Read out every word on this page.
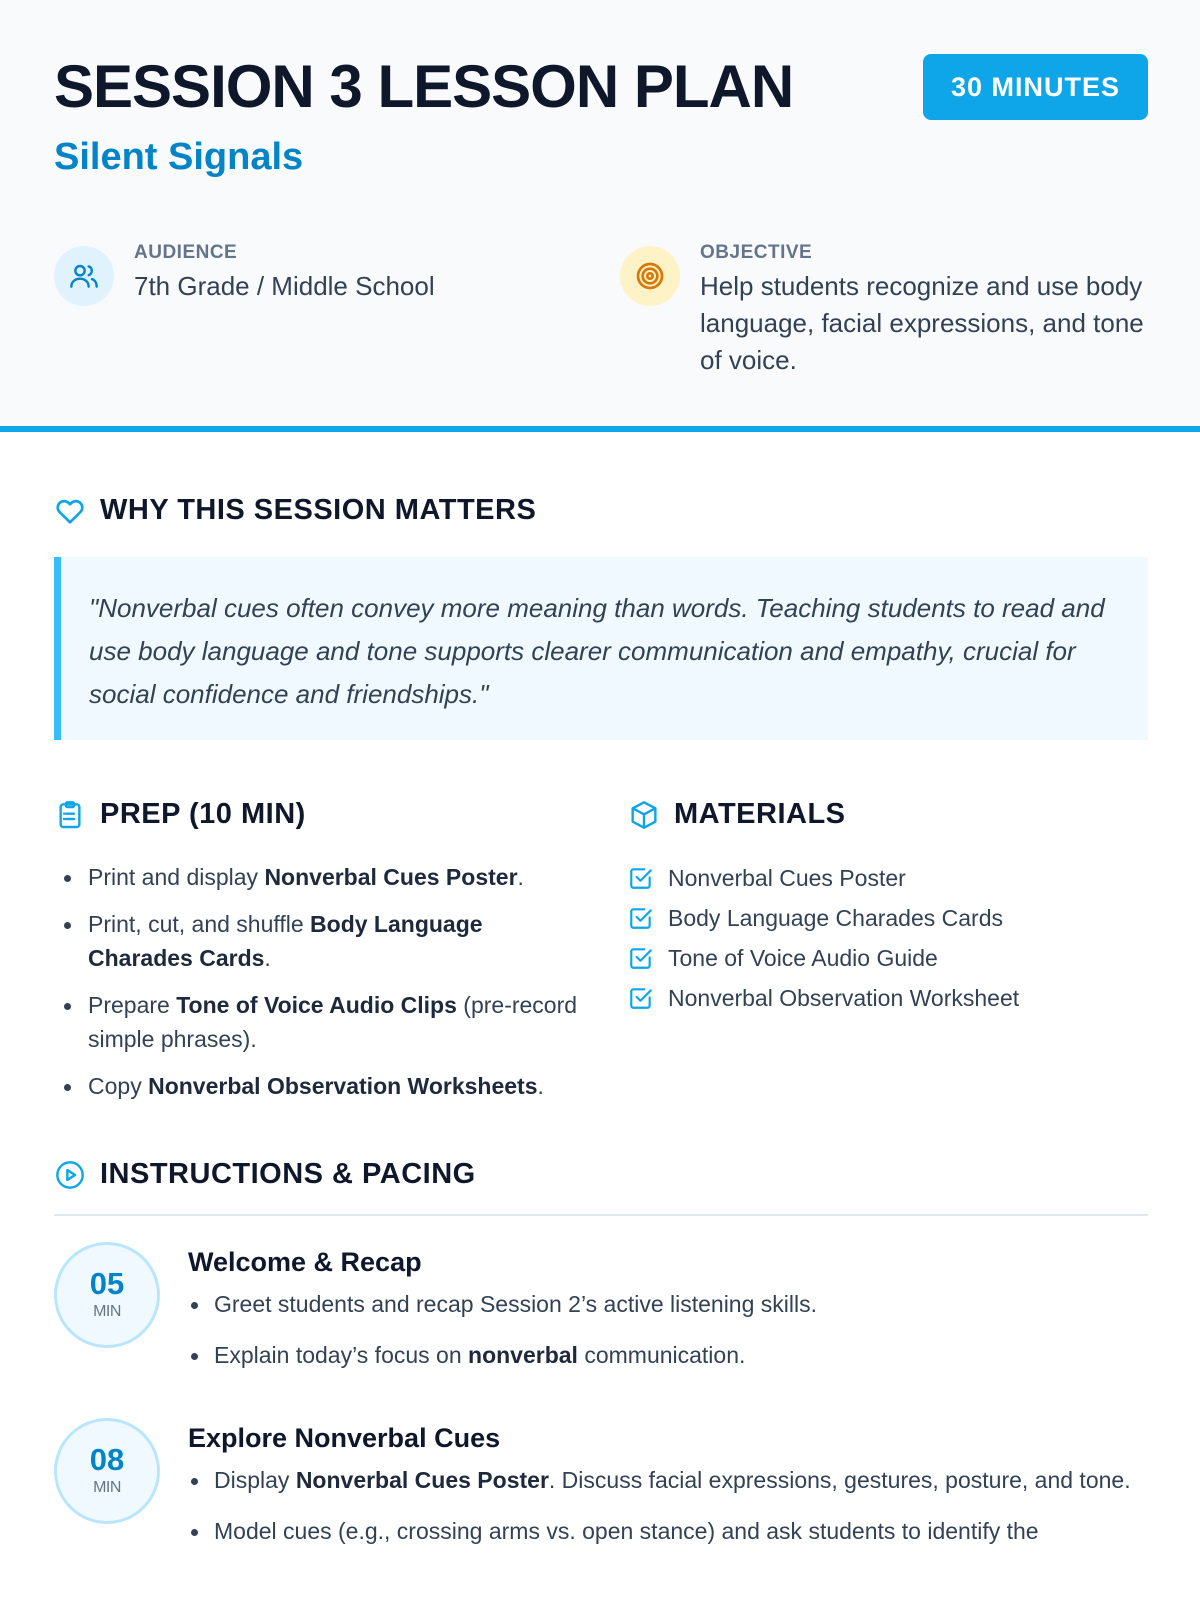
SESSION 3 LESSON PLAN
Silent Signals
30 MINUTES
AUDIENCE
7th Grade / Middle School
OBJECTIVE
Help students recognize and use body language, facial expressions, and tone of voice.
WHY THIS SESSION MATTERS
"Nonverbal cues often convey more meaning than words. Teaching students to read and use body language and tone supports clearer communication and empathy, crucial for social confidence and friendships."
PREP (10 MIN)
Print and display Nonverbal Cues Poster.
Print, cut, and shuffle Body Language Charades Cards.
Prepare Tone of Voice Audio Clips (pre-record simple phrases).
Copy Nonverbal Observation Worksheets.
MATERIALS
Nonverbal Cues Poster
Body Language Charades Cards
Tone of Voice Audio Guide
Nonverbal Observation Worksheet
INSTRUCTIONS & PACING
05
MIN
Welcome & Recap
Greet students and recap Session 2’s active listening skills.
Explain today’s focus on nonverbal communication.
08
MIN
Explore Nonverbal Cues
Display Nonverbal Cues Poster. Discuss facial expressions, gestures, posture, and tone.
Model cues (e.g., crossing arms vs. open stance) and ask students to identify the
